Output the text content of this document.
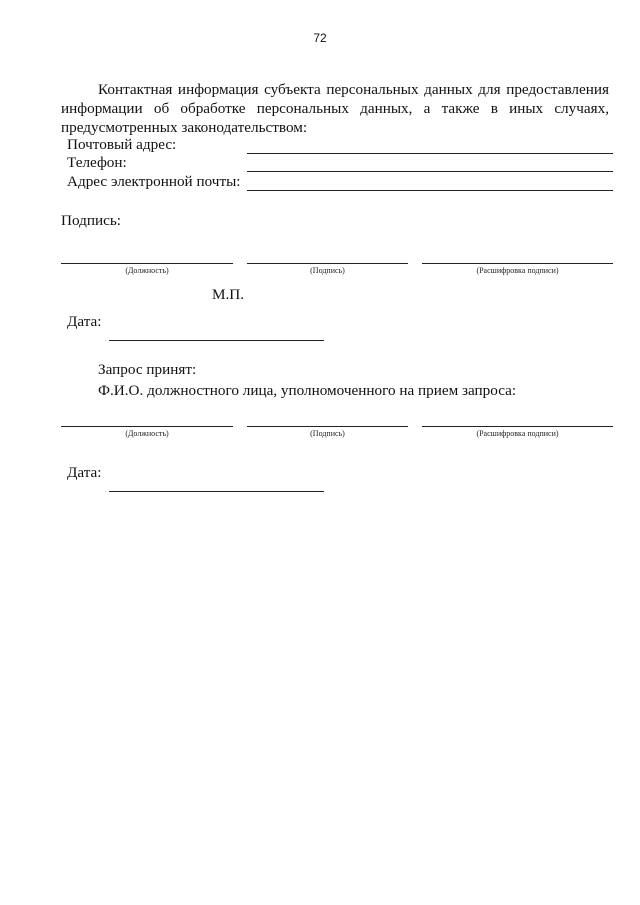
72
Контактная информация субъекта персональных данных для предоставления информации об обработке персональных данных, а также в иных случаях, предусмотренных законодательством:
Почтовый адрес:
Телефон:
Адрес электронной почты:
Подпись:
(Должность)	(Подпись)	(Расшифровка подписи)
М.П.
Дата:
Запрос принят:
Ф.И.О. должностного лица, уполномоченного на прием запроса:
(Должность)	(Подпись)	(Расшифровка подписи)
Дата:
